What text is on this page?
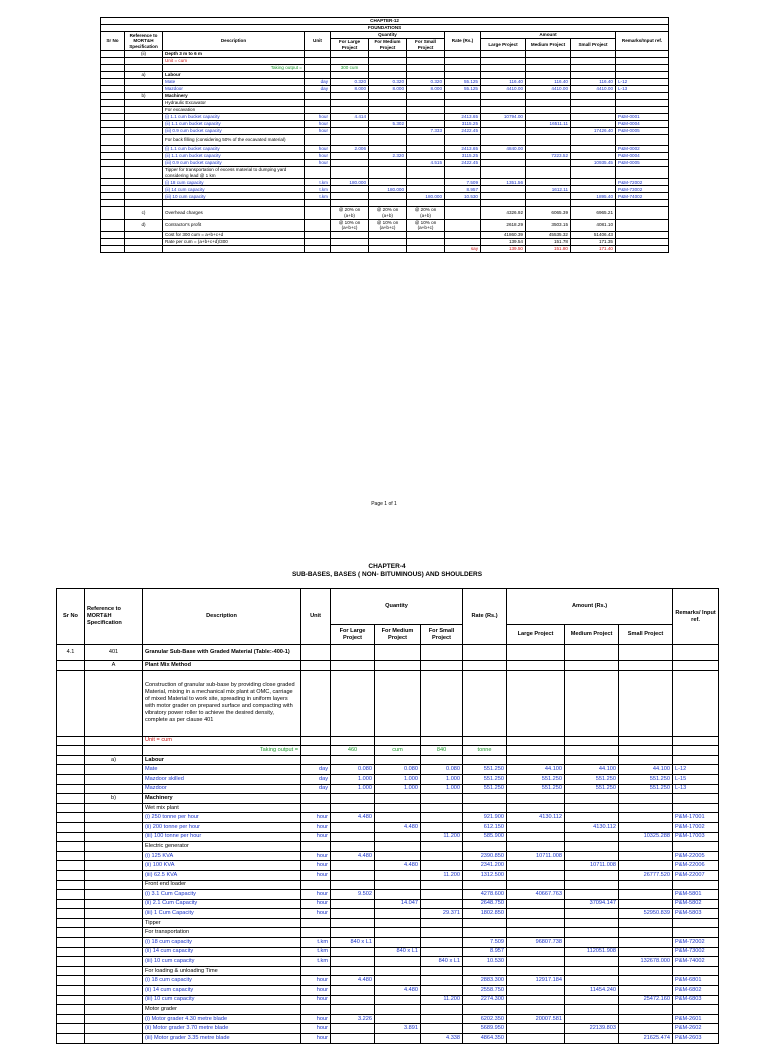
CHAPTER-12											
FOUNDATIONS											
Sr No	Reference to MORT&H Specification	Description	Unit	Quantity			Rate (Rs.)	Amount			Remarks/Input ref.
				For Large Project	For Medium Project	For Small Project		Large Project	Medium Project	Small Project	
	(ii)	Depth 3 m to 6 m									
		Unit = cum									
		Taking output =		300 cum							
	a)	Labour									
		Mate	day	0.320	0.320	0.320	55.125	116.40	116.40	116.40	L-12
		Mazdoor	day	8.000	8.000	8.000	55.125	4410.00	4410.00	4410.00	L-13
	b)	Machinery									
		Hydraulic Excavator									
		For excavation									
		(i) 1.1 cum bucket capacity	hour	4.414			2413.65	10794.00			P&M-0001
		(ii) 1.1 cum bucket capacity	hour		5.302		3115.25		16511.11		P&M-0004
		(iii) 0.9 cum bucket capacity	hour			7.333	2422.45			17426.40	P&M-0005
		For back filling (considering 50% of the excavated material)									
		(i) 1.1 cum bucket capacity	hour	2.006			2413.65	4840.00			P&M-0002
		(ii) 1.1 cum bucket capacity	hour		2.320		3115.25		7223.52		P&M-0004
		(iii) 0.9 cum bucket capacity	hour			4.515	2422.45			10935.45	P&M-0005
		Tipper for transportation of excess material to dumping yard considering lead @ 1 km									
		(i) 18 cum capacity	t.km	180.000			7.509	1351.56			P&M-72002
		(ii) 14 cum capacity	t.km		180.000		8.957		1612.11		P&M-73002
		(iii) 10 cum capacity	t.km			180.000	10.530			1895.40	P&M-74002

	c)	Overhead charges		@ 20% on (a+b)	@ 20% on (a+b)	@ 20% on (a+b)		4326.92	6065.39	6965.21	
	d)	Contractor's profit		@ 10% on (a+b+c)	@ 10% on (a+b+c)	@ 10% on (a+b+c)		2618.29	3503.15	4081.10	
		Cost for 300 cum = a+b+c+d						41860.39	45535.32	51406.43	
		Rate per cum = (a+b+c+d)/300						139.54	151.78	171.35	
							say	139.50	151.80	171.40	
Page 1 of 1
CHAPTER-4
SUB-BASES, BASES ( NON- BITUMINOUS) AND SHOULDERS
Sr No	Reference to MORT&H Specification	Description	Unit	Quantity			Rate (Rs.)	Amount (Rs.)			Remarks/ Input ref.
				For Large Project	For Medium Project	For Small Project		Large Project	Medium Project	Small Project	
4.1	401	Granular Sub-Base with Graded Material (Table:-400-1)									
	A	Plant Mix Method									
		Construction of granular sub-base by providing close graded Material, mixing in a mechanical mix plant at OMC, carriage of mixed Material to work site, spreading in uniform layers with motor grader on prepared surface and compacting with vibratory power roller to achieve the desired density, complete as per clause 401									
		Unit = cum									
		Taking output =		460	cum	840	tonne				
	a)	Labour									
		Mate	day	0.080	0.080	0.080	551.250	44.100	44.100	44.100	L-12
		Mazdoor skilled	day	1.000	1.000	1.000	551.250	551.250	551.250	551.250	L-15
		Mazdoor	day	1.000	1.000	1.000	551.250	551.250	551.250	551.250	L-13
	b)	Machinery									
		Wet mix plant									
		(i) 250 tonne per hour	hour	4.480			921.900	4130.112			P&M-17001
		(ii) 200 tonne per hour	hour		4.480		612.150		4130.112		P&M-17002
		(iii) 100 tonne per hour	hour			11.200	585.900			10325.288	P&M-17003
		Electric generator									
		(i) 125 KVA	hour	4.480			2390.850	10711.008			P&M-22005
		(ii) 100 KVA	hour		4.480		2341.200		10711.008		P&M-22006
		(iii) 62.5 KVA	hour			11.200	1312.500			26777.520	P&M-22007
		Front end loader									
		(i) 3.1 Cum Capacity	hour	9.502			4278.600	40667.763			P&M-5801
		(ii) 2.1 Cum Capacity	hour		14.047		2648.750		37094.147		P&M-5802
		(iii) 1 Cum Capacity	hour			29.371	1802.850			52950.839	P&M-5803
		Tipper									
		For transportation									
		(i) 18 cum capacity	t.km	840 x L1			7.509	96807.738			P&M-72002
		(ii) 14 cum capacity	t.km		840 x L1		8.957		112051.908		P&M-73002
		(iii) 10 cum capacity	t.km			840 x L1	10.530			132678.000	P&M-74002
		For loading & unloading Time									
		(i) 18 cum capacity	hour	4.480			2883.300	12917.184			P&M-6801
		(ii) 14 cum capacity	hour		4.480		2558.750		11454.240		P&M-6802
		(iii) 10 cum capacity	hour			11.200	2274.300			25472.160	P&M-6803
		Motor grader									
		(i) Motor grader 4.30 metre blade	hour	3.226			6202.350	20007.581			P&M-2601
		(ii) Motor grader 3.70 metre blade	hour		3.891		5689.950		22139.803		P&M-2602
		(iii) Motor grader 3.35 metre blade	hour			4.338	4864.350			21625.474	P&M-2603
